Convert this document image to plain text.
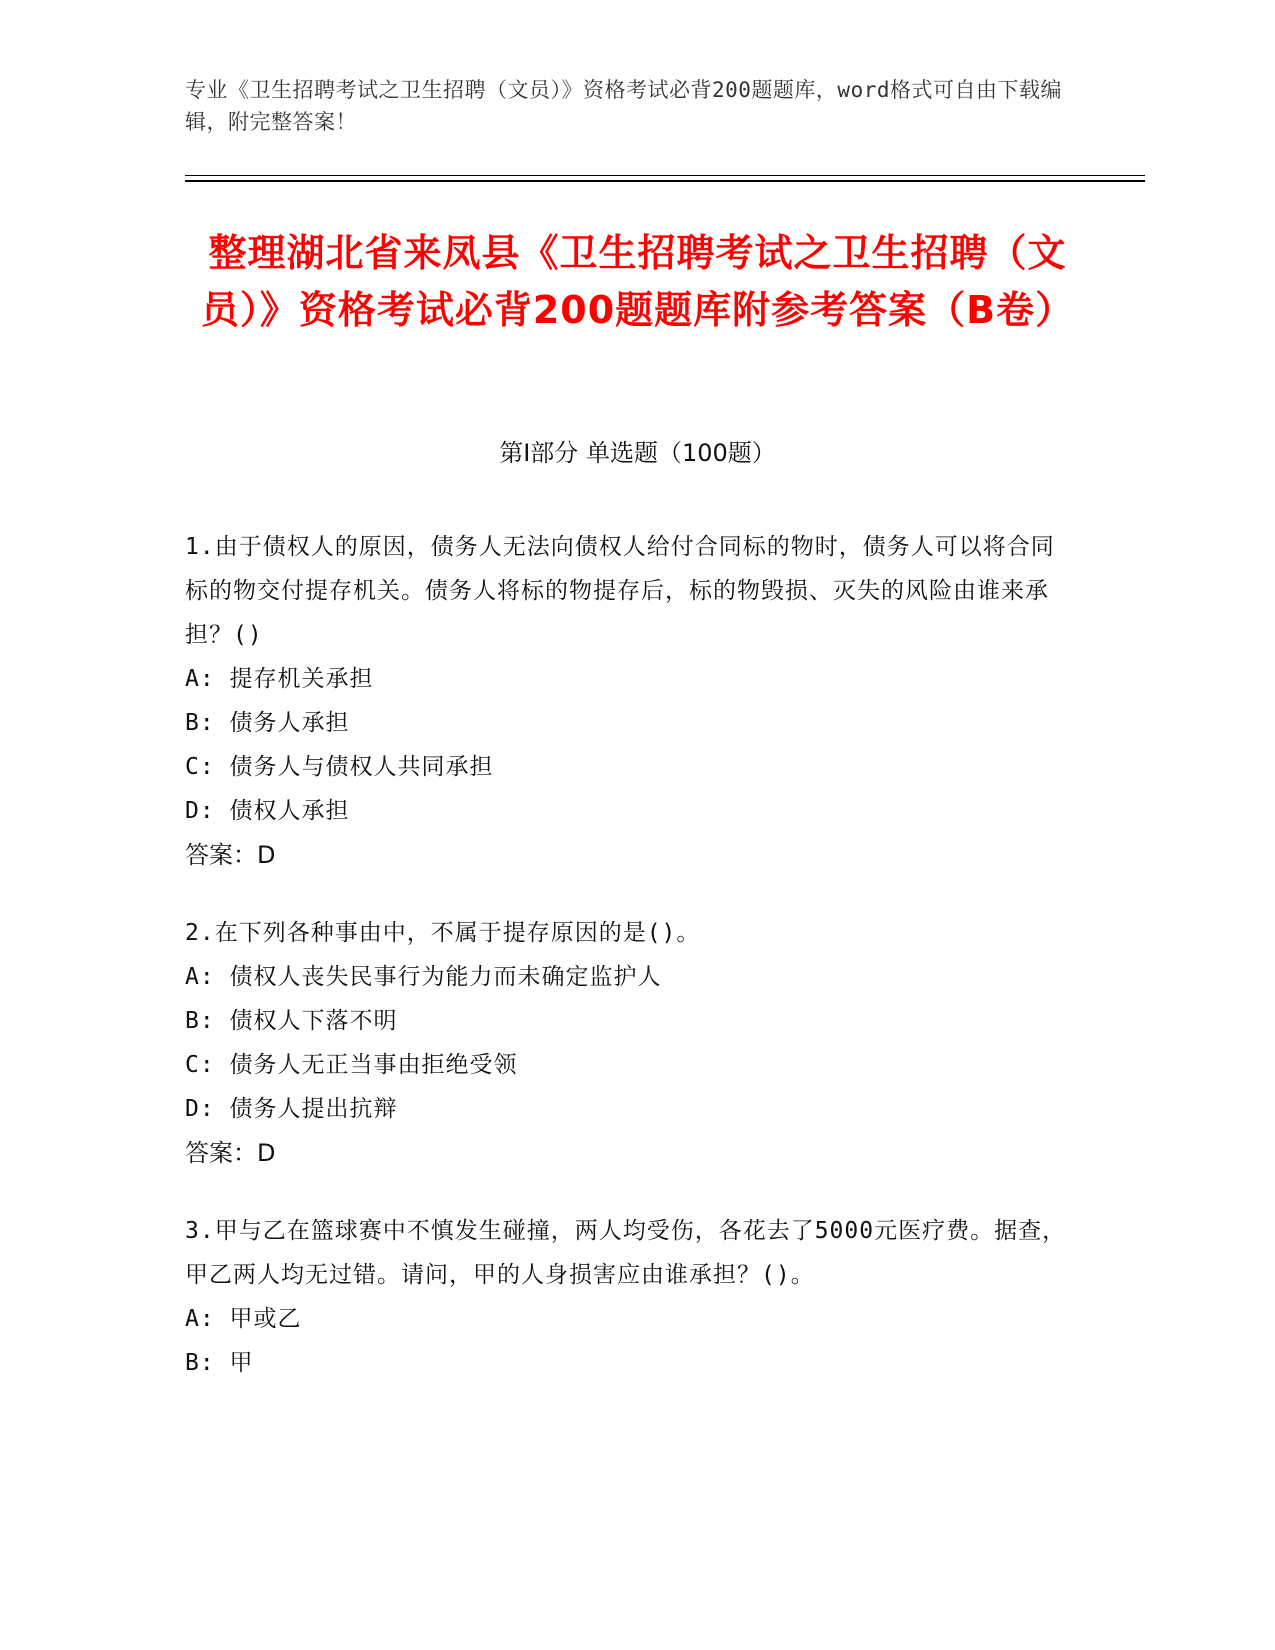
专业《卫生招聘考试之卫生招聘（文员）》资格考试必背200题题库，word格式可自由下载编辑，附完整答案！
整理湖北省来凤县《卫生招聘考试之卫生招聘（文员）》资格考试必背200题题库附参考答案（B卷）
第I部分 单选题（100题）

1.由于债权人的原因，债务人无法向债权人给付合同标的物时，债务人可以将合同标的物交付提存机关。债务人将标的物提存后，标的物毁损、灭失的风险由谁来承担？()

A: 提存机关承担

B: 债务人承担

C: 债务人与债权人共同承担

D: 债权人承担

答案：D

2.在下列各种事由中，不属于提存原因的是()。

A: 债权人丧失民事行为能力而未确定监护人

B: 债权人下落不明

C: 债务人无正当事由拒绝受领

D: 债务人提出抗辩

答案：D

3.甲与乙在篮球赛中不慎发生碰撞，两人均受伤，各花去了5000元医疗费。据查，甲乙两人均无过错。请问，甲的人身损害应由谁承担？()。

A: 甲或乙

B: 甲
